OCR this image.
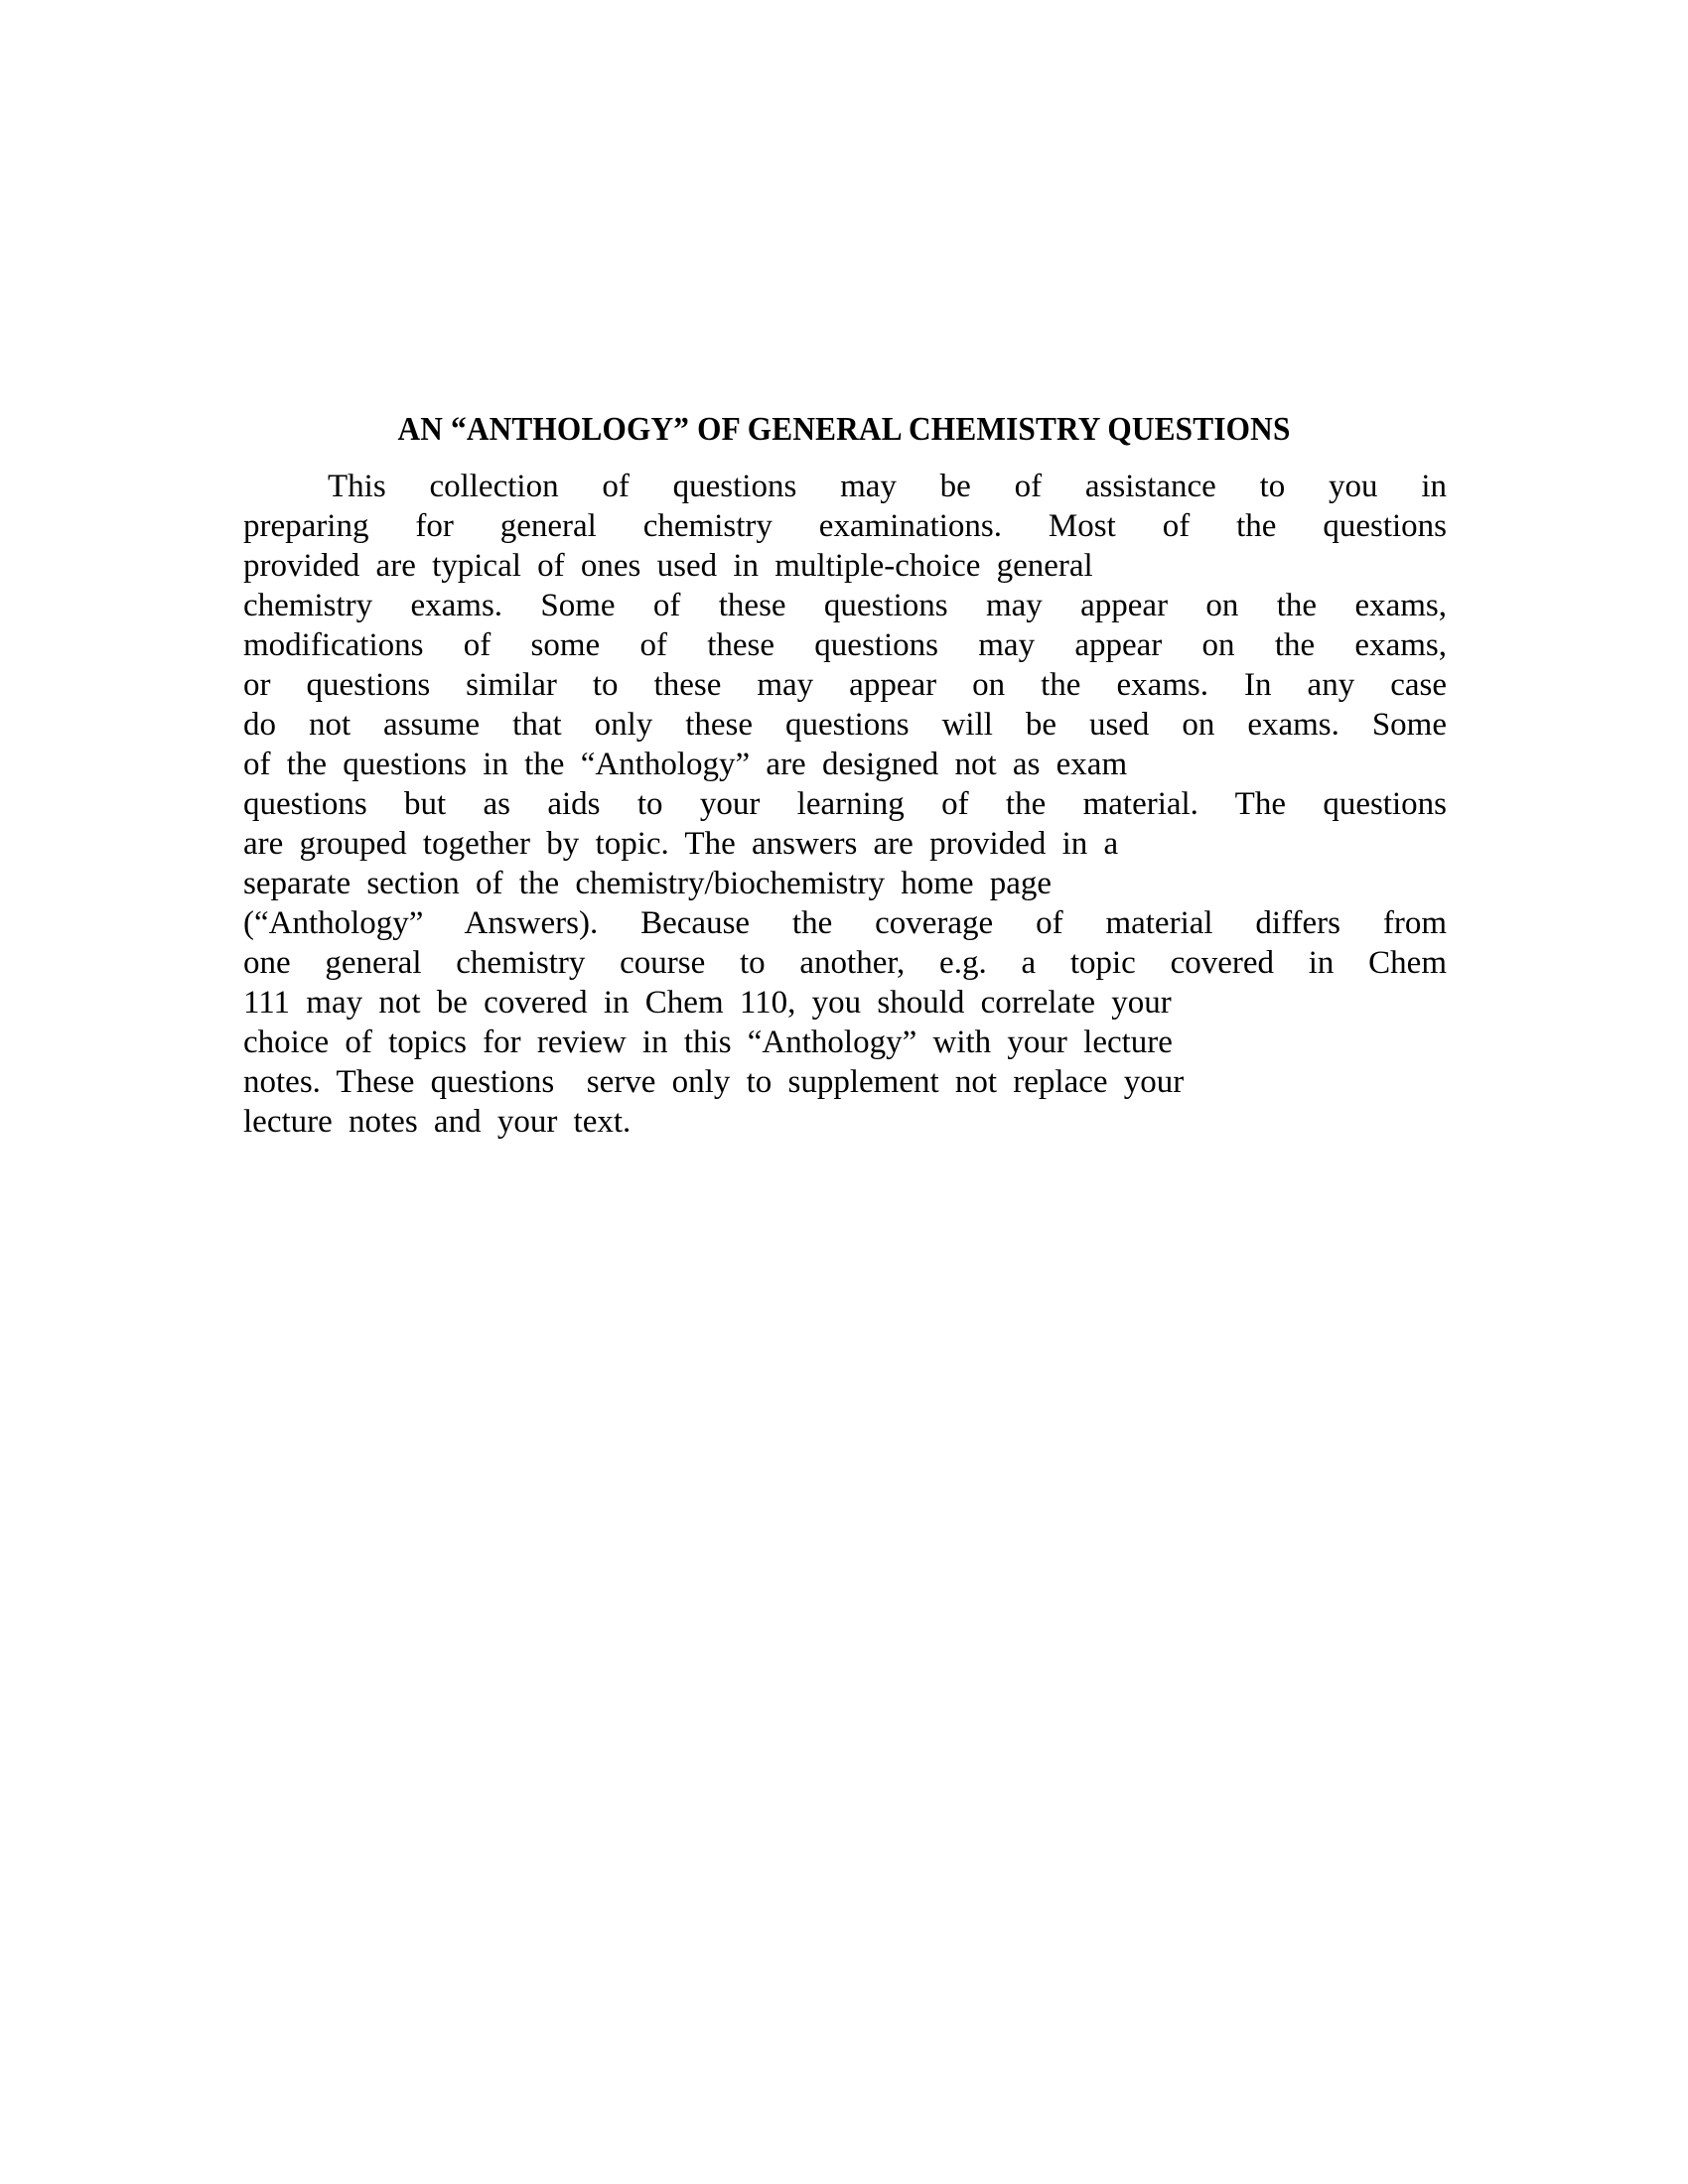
AN “ANTHOLOGY” OF GENERAL CHEMISTRY QUESTIONS
This collection of questions may be of assistance to you in
preparing for general chemistry examinations. Most of the questions
provided are typical of ones used in multiple-choice general
chemistry exams. Some of these questions may appear on the exams,
modifications of some of these questions may appear on the exams,
or questions similar to these may appear on the exams. In any case
do not assume that only these questions will be used on exams. Some
of the questions in the “Anthology” are designed not as exam
questions but as aids to your learning of the material. The questions
are grouped together by topic. The answers are provided in a
separate section of the chemistry/biochemistry home page
(“Anthology” Answers). Because the coverage of material differs from
one general chemistry course to another, e.g. a topic covered in Chem
111 may not be covered in Chem 110, you should correlate your
choice of topics for review in this “Anthology” with your lecture
notes. These questions  serve only to supplement not replace your
lecture notes and your text.
